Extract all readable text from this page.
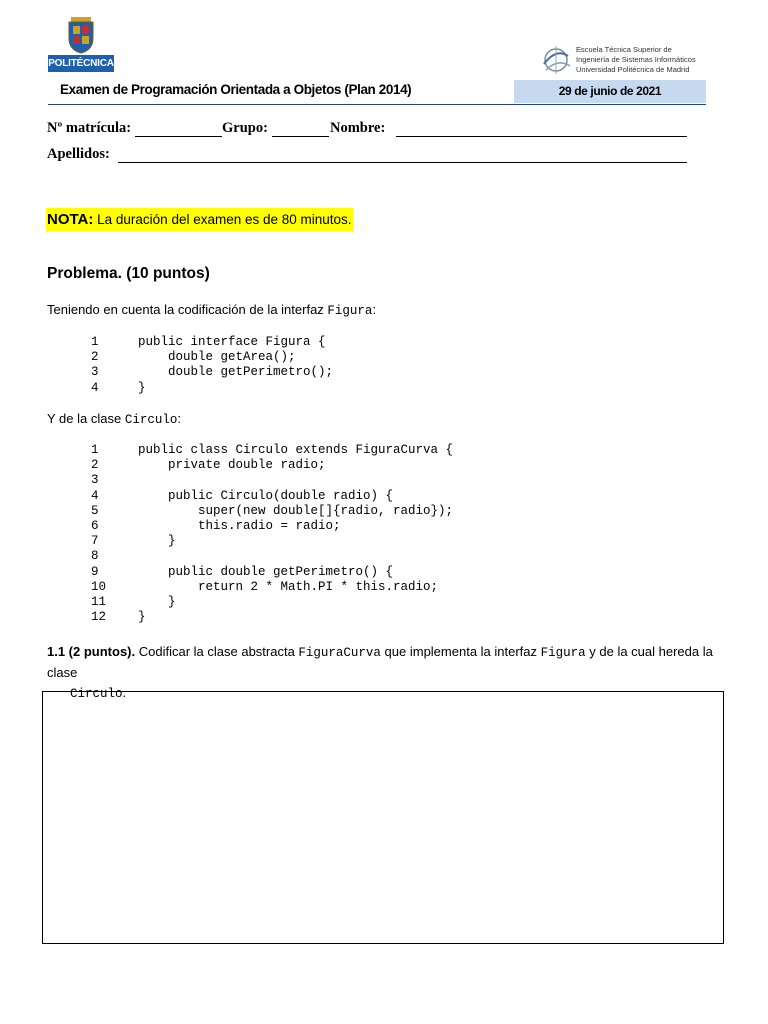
POLITÉCNICA
Escuela Técnica Superior de
Ingeniería de Sistemas Informáticos
Universidad Politécnica de Madrid
Examen de Programación Orientada a Objetos (Plan 2014)	29 de junio de 2021
Nº matrícula:	Grupo:	Nombre:
Apellidos:
NOTA: La duración del examen es de 80 minutos.
Problema. (10 puntos)
Teniendo en cuenta la codificación de la interfaz Figura:
1	public interface Figura {
2	double getArea();
3	double getPerimetro();
4	}
Y de la clase Circulo:
1	public class Circulo extends FiguraCurva {
2	private double radio;
3
4	public Circulo(double radio) {
5	super(new double[]{radio, radio});
6	this.radio = radio;
7	}
8
9	public double getPerimetro() {
10	return 2 * Math.PI * this.radio;
11	}
12	}
1.1 (2 puntos). Codificar la clase abstracta FiguraCurva que implementa la interfaz Figura y de la cual hereda la clase
Circulo.
